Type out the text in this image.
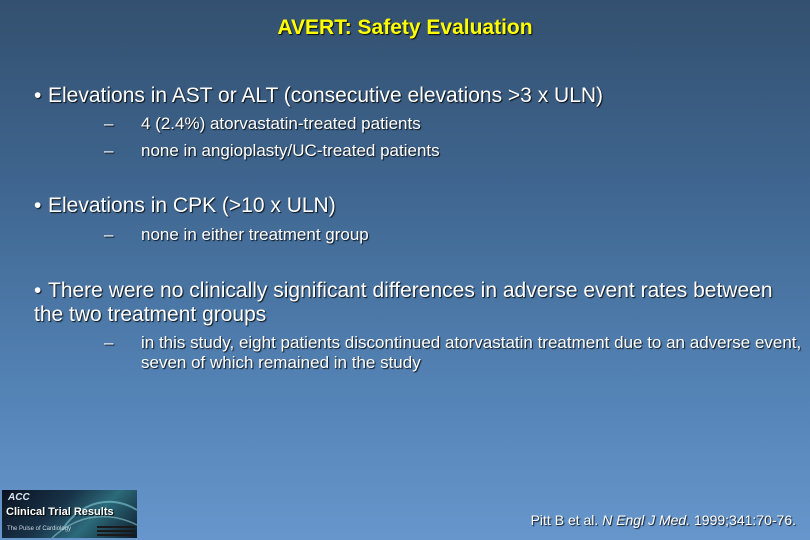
AVERT: Safety Evaluation
• Elevations in AST or ALT (consecutive elevations >3 x ULN)
–	4 (2.4%) atorvastatin-treated patients
–	none in angioplasty/UC-treated patients
• Elevations in CPK (>10 x ULN)
–	none in either treatment group
• There were no clinically significant differences in adverse event rates between the two treatment groups
–	in this study, eight patients discontinued atorvastatin treatment due to an adverse event, seven of which remained in the study
ACC
Clinical Trial Results
The Pulse of Cardiology
Pitt B et al. N Engl J Med. 1999;341:70-76.
